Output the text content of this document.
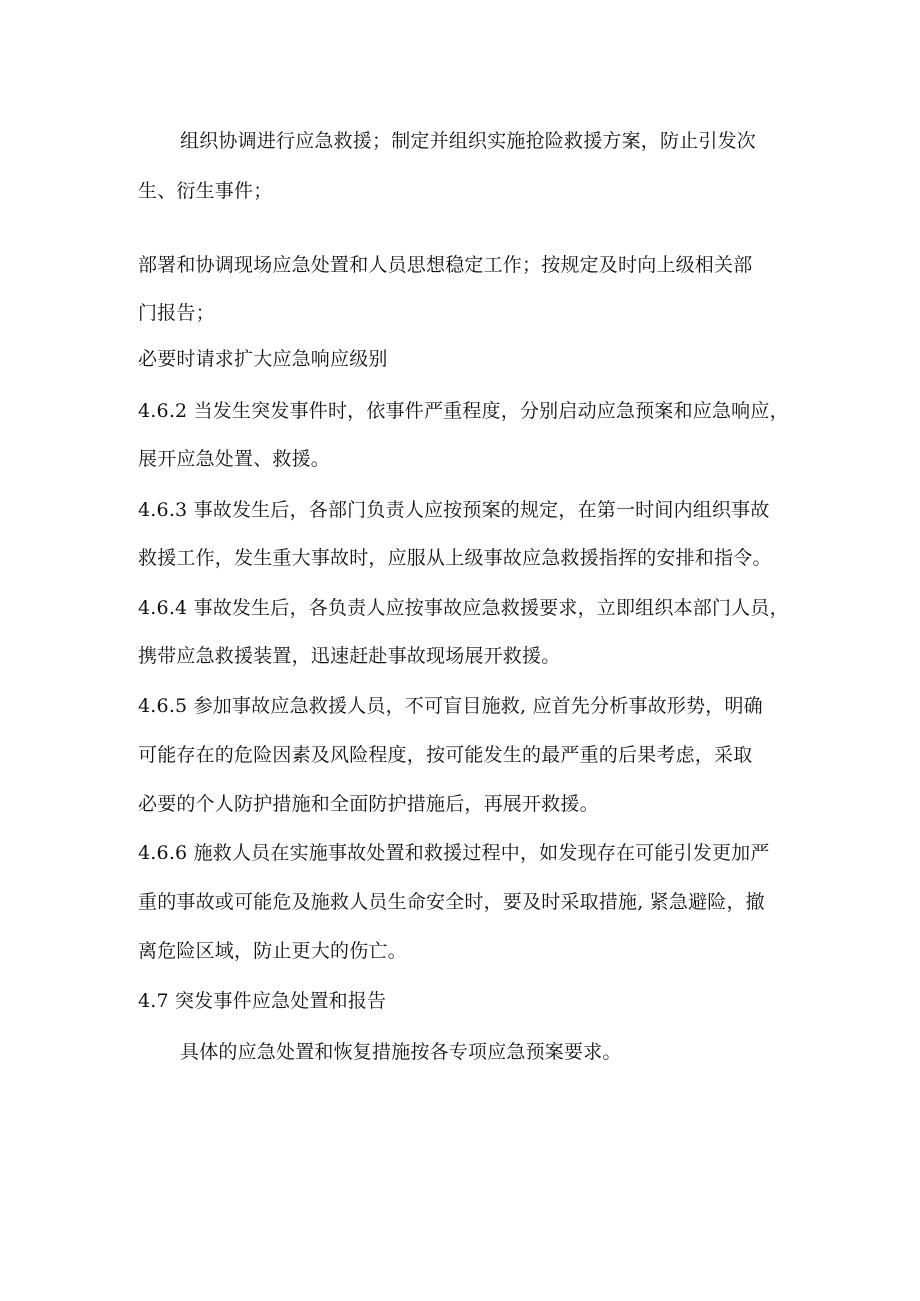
组织协调进行应急救援；制定并组织实施抢险救援方案，防止引发次
生、衍生事件；
部署和协调现场应急处置和人员思想稳定工作；按规定及时向上级相关部
门报告；
必要时请求扩大应急响应级别
4.6.2 当发生突发事件时，依事件严重程度，分别启动应急预案和应急响应，
展开应急处置、救援。
4.6.3 事故发生后，各部门负责人应按预案的规定，在第一时间内组织事故
救援工作，发生重大事故时，应服从上级事故应急救援指挥的安排和指令。
4.6.4 事故发生后，各负责人应按事故应急救援要求，立即组织本部门人员，
携带应急救援装置，迅速赶赴事故现场展开救援。
4.6.5 参加事故应急救援人员，不可盲目施救, 应首先分析事故形势，明确
可能存在的危险因素及风险程度，按可能发生的最严重的后果考虑，采取
必要的个人防护措施和全面防护措施后，再展开救援。
4.6.6 施救人员在实施事故处置和救援过程中，如发现存在可能引发更加严
重的事故或可能危及施救人员生命安全时，要及时采取措施, 紧急避险，撤
离危险区域，防止更大的伤亡。
4.7 突发事件应急处置和报告
具体的应急处置和恢复措施按各专项应急预案要求。
